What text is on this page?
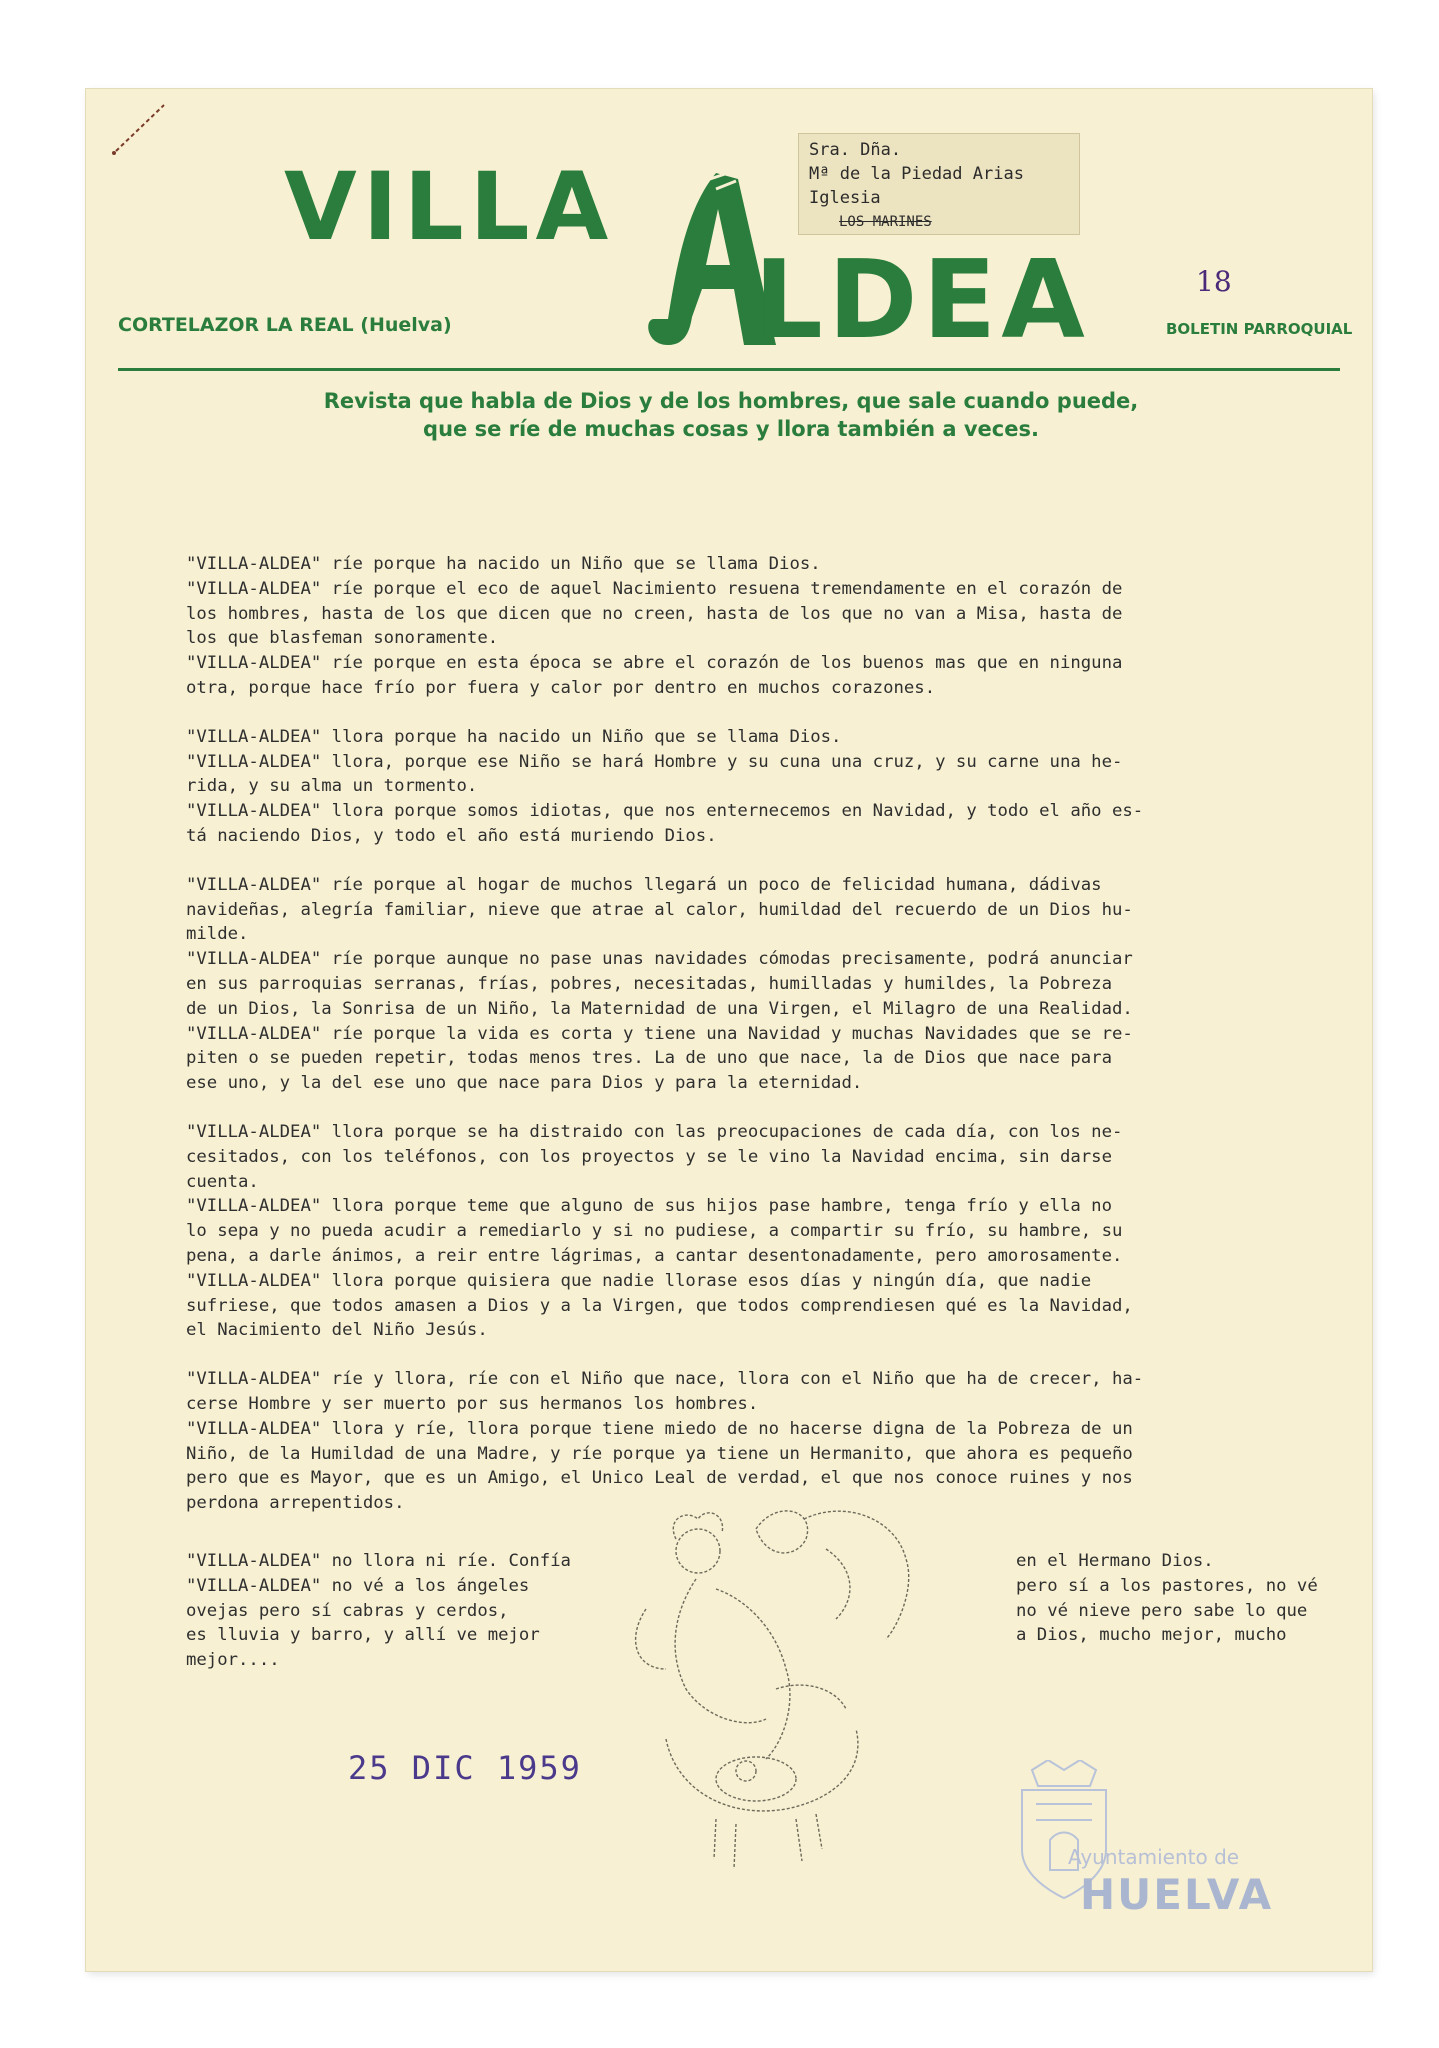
VILLA
LDEA
CORTELAZOR LA REAL (Huelva)	BOLETIN PARROQUIAL
18
Revista que habla de Dios y de los hombres, que sale cuando puede,
que se ríe de muchas cosas y llora también a veces.
Sra. Dña.
Mª de la Piedad Arias
Iglesia
LOS MARINES

"VILLA-ALDEA" ríe porque ha nacido un Niño que se llama Dios.
"VILLA-ALDEA" ríe porque el eco de aquel Nacimiento resuena tremendamente en el corazón de
los hombres, hasta de los que dicen que no creen, hasta de los que no van a Misa, hasta de
los que blasfeman sonoramente.
"VILLA-ALDEA" ríe porque en esta época se abre el corazón de los buenos mas que en ninguna
otra, porque hace frío por fuera y calor por dentro en muchos corazones.

"VILLA-ALDEA" llora porque ha nacido un Niño que se llama Dios.
"VILLA-ALDEA" llora, porque ese Niño se hará Hombre y su cuna una cruz, y su carne una he-
rida, y su alma un tormento.
"VILLA-ALDEA" llora porque somos idiotas, que nos enternecemos en Navidad, y todo el año es-
tá naciendo Dios, y todo el año está muriendo Dios.

"VILLA-ALDEA" ríe porque al hogar de muchos llegará un poco de felicidad humana, dádivas
navideñas, alegría familiar, nieve que atrae al calor, humildad del recuerdo de un Dios hu-
milde.
"VILLA-ALDEA" ríe porque aunque no pase unas navidades cómodas precisamente, podrá anunciar
en sus parroquias serranas, frías, pobres, necesitadas, humilladas y humildes, la Pobreza
de un Dios, la Sonrisa de un Niño, la Maternidad de una Virgen, el Milagro de una Realidad.
"VILLA-ALDEA" ríe porque la vida es corta y tiene una Navidad y muchas Navidades que se re-
piten o se pueden repetir, todas menos tres. La de uno que nace, la de Dios que nace para
ese uno, y la del ese uno que nace para Dios y para la eternidad.

"VILLA-ALDEA" llora porque se ha distraido con las preocupaciones de cada día, con los ne-
cesitados, con los teléfonos, con los proyectos y se le vino la Navidad encima, sin darse
cuenta.
"VILLA-ALDEA" llora porque teme que alguno de sus hijos pase hambre, tenga frío y ella no
lo sepa y no pueda acudir a remediarlo y si no pudiese, a compartir su frío, su hambre, su
pena, a darle ánimos, a reir entre lágrimas, a cantar desentonadamente, pero amorosamente.
"VILLA-ALDEA" llora porque quisiera que nadie llorase esos días y ningún día, que nadie
sufriese, que todos amasen a Dios y a la Virgen, que todos comprendiesen qué es la Navidad,
el Nacimiento del Niño Jesús.

"VILLA-ALDEA" ríe y llora, ríe con el Niño que nace, llora con el Niño que ha de crecer, ha-
cerse Hombre y ser muerto por sus hermanos los hombres.
"VILLA-ALDEA" llora y ríe, llora porque tiene miedo de no hacerse digna de la Pobreza de un
Niño, de la Humildad de una Madre, y ríe porque ya tiene un Hermanito, que ahora es pequeño
pero que es Mayor, que es un Amigo, el Unico Leal de verdad, el que nos conoce ruines y nos
perdona arrepentidos.

"VILLA-ALDEA" no llora ni ríe. Confía
"VILLA-ALDEA" no vé a los ángeles
ovejas pero sí cabras y cerdos,
es lluvia y barro, y allí ve mejor
mejor....
en el Hermano Dios.
pero sí a los pastores, no vé
no vé nieve pero sabe lo que
a Dios, mucho mejor, mucho
25 DIC 1959
Ayuntamiento de
HUELVA
